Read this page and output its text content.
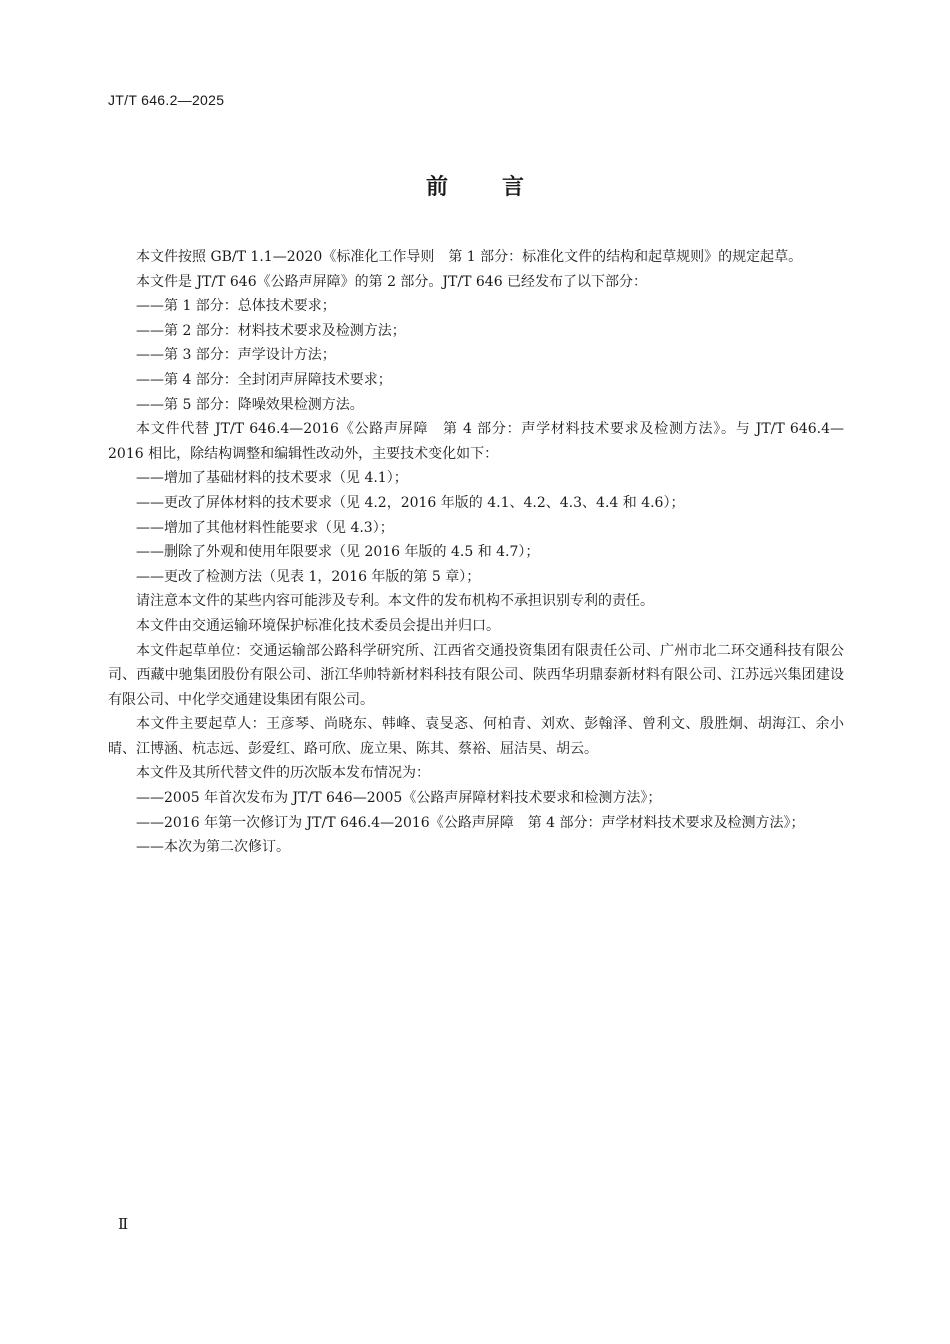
JT/T 646.2—2025
前言

本文件按照 GB/T 1.1—2020《标准化工作导则　第 1 部分：标准化文件的结构和起草规则》的规定起草。

本文件是 JT/T 646《公路声屏障》的第 2 部分。JT/T 646 已经发布了以下部分：

——第 1 部分：总体技术要求；

——第 2 部分：材料技术要求及检测方法；

——第 3 部分：声学设计方法；

——第 4 部分：全封闭声屏障技术要求；

——第 5 部分：降噪效果检测方法。

本文件代替 JT/T 646.4—2016《公路声屏障　第 4 部分：声学材料技术要求及检测方法》。与 JT/T 646.4—2016 相比，除结构调整和编辑性改动外，主要技术变化如下：

——增加了基础材料的技术要求（见 4.1）；

——更改了屏体材料的技术要求（见 4.2，2016 年版的 4.1、4.2、4.3、4.4 和 4.6）；

——增加了其他材料性能要求（见 4.3）；

——删除了外观和使用年限要求（见 2016 年版的 4.5 和 4.7）；

——更改了检测方法（见表 1，2016 年版的第 5 章）；

请注意本文件的某些内容可能涉及专利。本文件的发布机构不承担识别专利的责任。

本文件由交通运输环境保护标准化技术委员会提出并归口。

本文件起草单位：交通运输部公路科学研究所、江西省交通投资集团有限责任公司、广州市北二环交通科技有限公司、西藏中驰集团股份有限公司、浙江华帅特新材料科技有限公司、陕西华玥鼎泰新材料有限公司、江苏远兴集团建设有限公司、中化学交通建设集团有限公司。

本文件主要起草人：王彦琴、尚晓东、韩峰、袁旻忞、何柏青、刘欢、彭翰泽、曾利文、殷胜炯、胡海江、余小晴、江博涵、杭志远、彭爱红、路可欣、庞立果、陈其、蔡裕、屈洁昊、胡云。

本文件及其所代替文件的历次版本发布情况为：

——2005 年首次发布为 JT/T 646—2005《公路声屏障材料技术要求和检测方法》；

——2016 年第一次修订为 JT/T 646.4—2016《公路声屏障　第 4 部分：声学材料技术要求及检测方法》；

——本次为第二次修订。

Ⅱ
